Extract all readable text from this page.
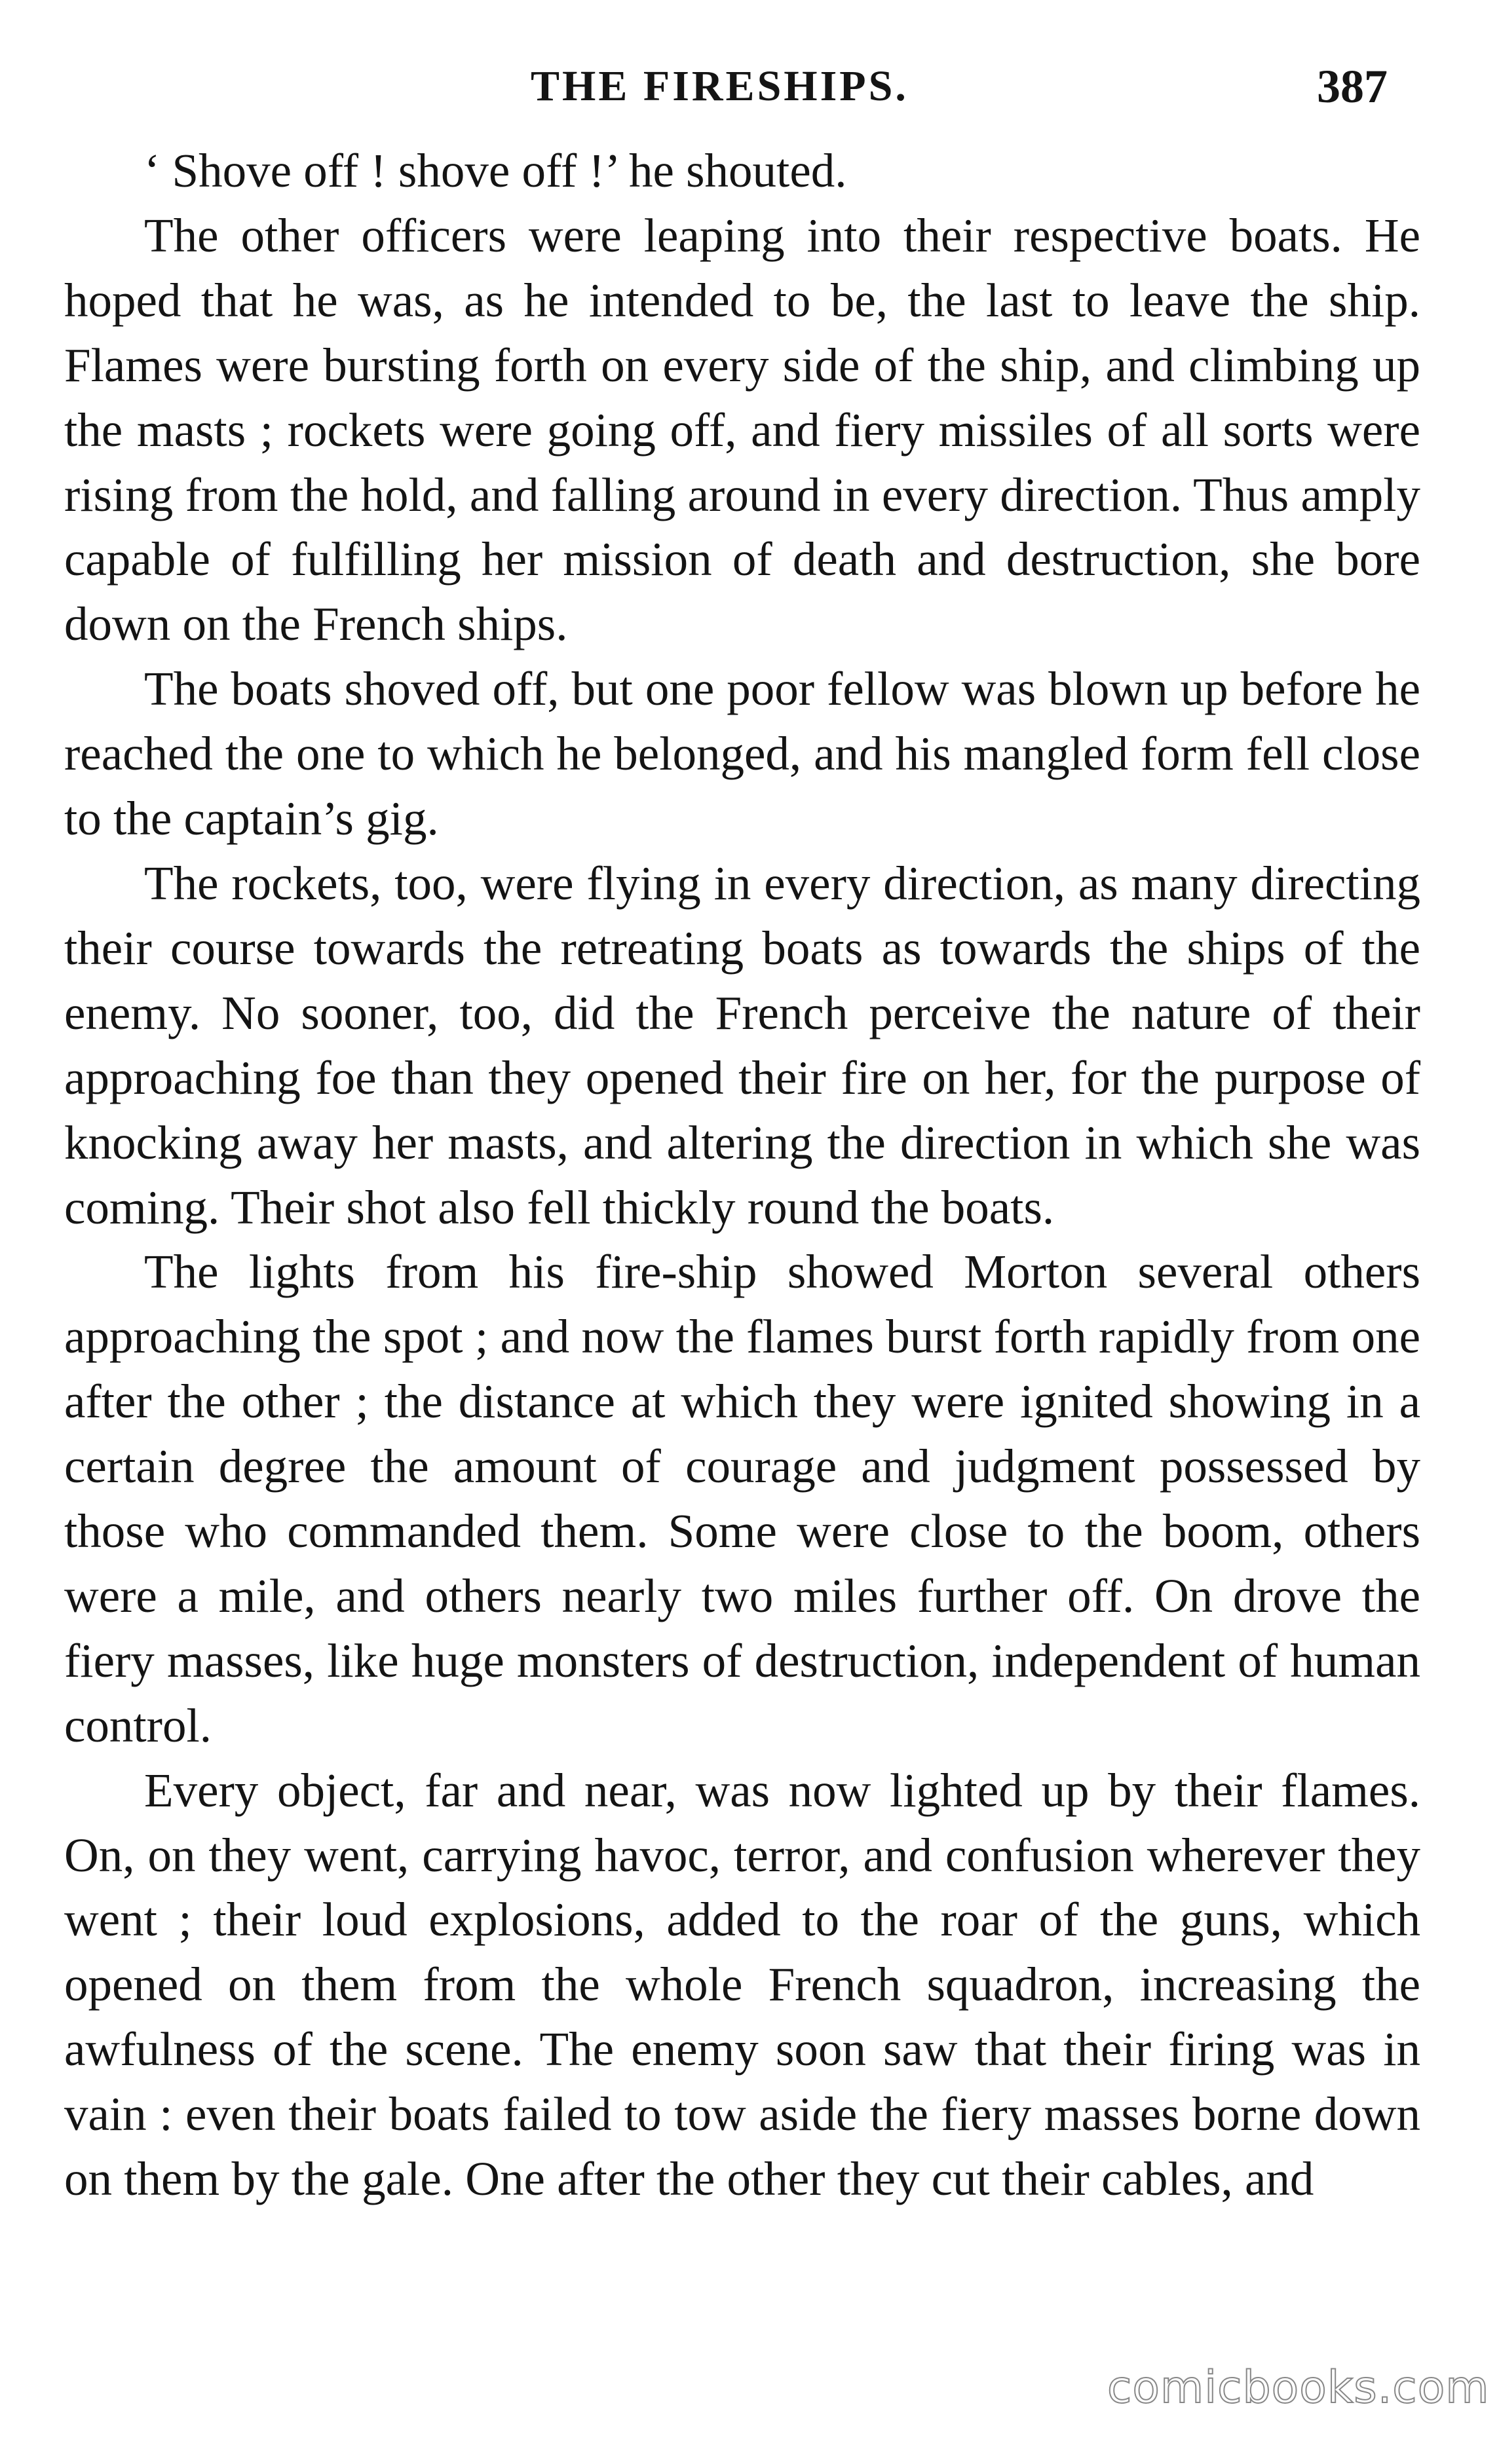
THE FIRESHIPS.	387

‘ Shove off ! shove off !’ he shouted.

The other officers were leaping into their respective boats. He hoped that he was, as he intended to be, the last to leave the ship. Flames were bursting forth on every side of the ship, and climbing up the masts ; rockets were going off, and fiery missiles of all sorts were rising from the hold, and falling around in every direction. Thus amply capable of fulfilling her mission of death and destruction, she bore down on the French ships.

The boats shoved off, but one poor fellow was blown up before he reached the one to which he belonged, and his mangled form fell close to the captain’s gig.

The rockets, too, were flying in every direction, as many directing their course towards the retreating boats as towards the ships of the enemy. No sooner, too, did the French perceive the nature of their approaching foe than they opened their fire on her, for the purpose of knocking away her masts, and altering the direction in which she was coming. Their shot also fell thickly round the boats.

The lights from his fire-ship showed Morton several others approaching the spot ; and now the flames burst forth rapidly from one after the other ; the distance at which they were ignited showing in a certain degree the amount of courage and judgment possessed by those who commanded them. Some were close to the boom, others were a mile, and others nearly two miles further off. On drove the fiery masses, like huge monsters of destruction, independent of human control.

Every object, far and near, was now lighted up by their flames. On, on they went, carrying havoc, terror, and confusion wherever they went ; their loud explosions, added to the roar of the guns, which opened on them from the whole French squadron, increasing the awfulness of the scene. The enemy soon saw that their firing was in vain : even their boats failed to tow aside the fiery masses borne down on them by the gale. One after the other they cut their cables, and

comicbooks.com
